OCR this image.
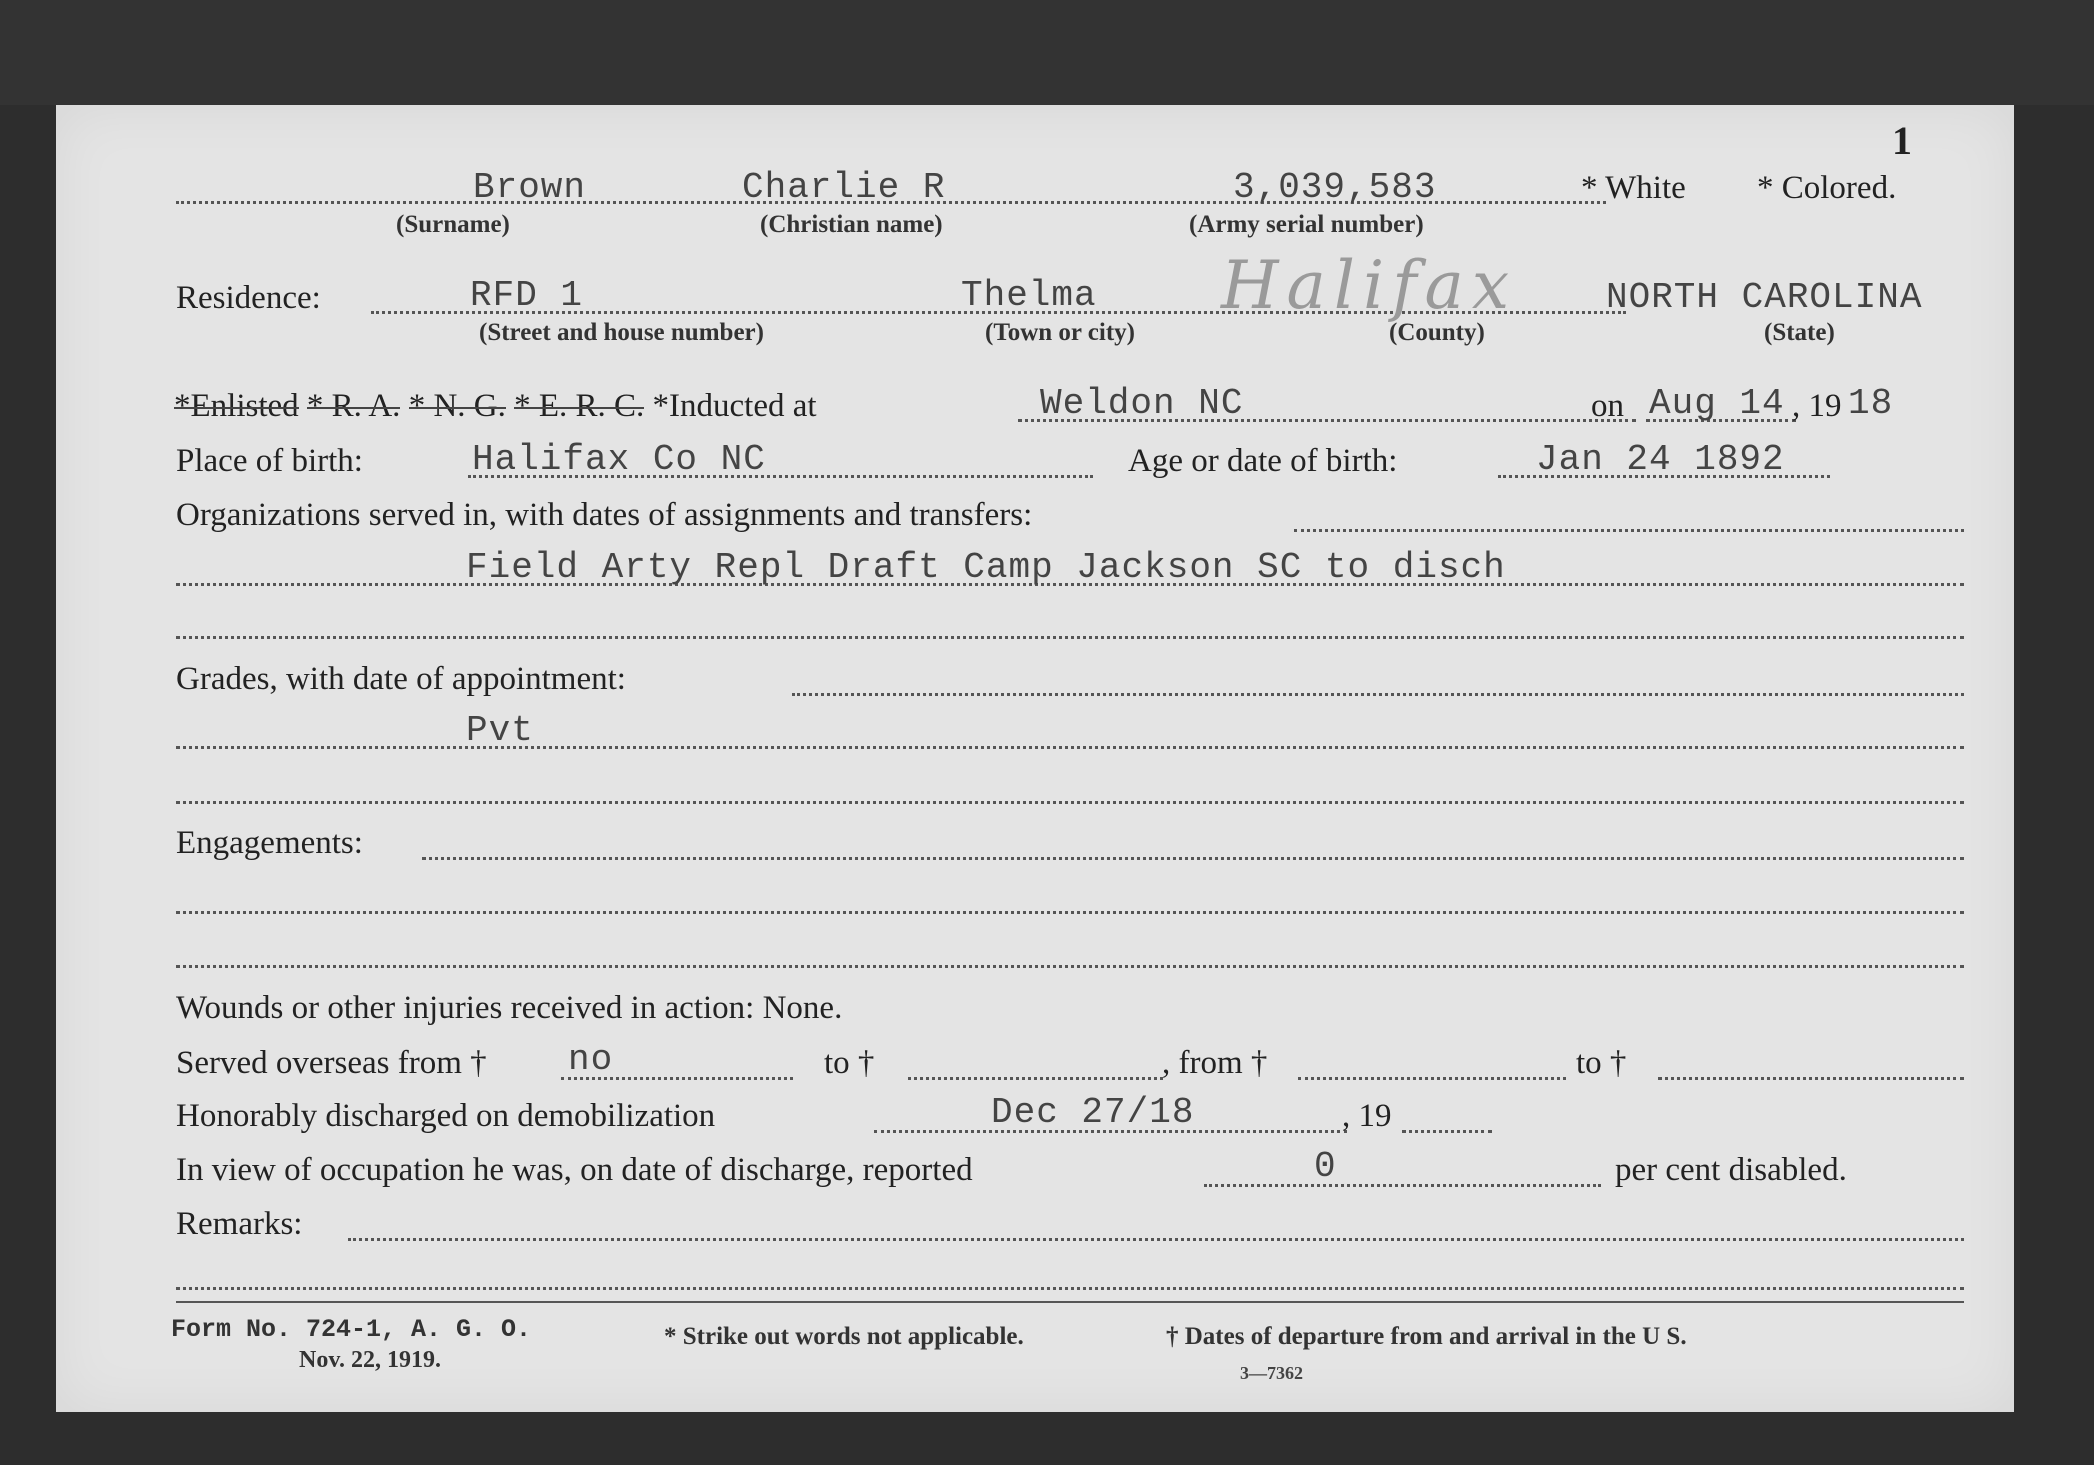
1
Brown	Charlie R	3,039,583	* White * Colored.
(Surname)	(Christian name)	(Army serial number)
Residence:	RFD 1	Thelma Halifax NORTH CAROLINA
(Street and house number)	(Town or city)	(County)	(State)
*Enlisted * R. A. * N. G. * E. R. C. *Inducted at	Weldon NC	on Aug 14 , 19 18
Place of birth:	Halifax Co NC	Age or date of birth:	Jan 24 1892
Organizations served in, with dates of assignments and transfers:
Field Arty Repl Draft Camp Jackson SC to disch
Grades, with date of appointment:
Pvt
Engagements:
Wounds or other injuries received in action: None.
Served overseas from † no	to †	, from †	to †
Honorably discharged on demobilization	Dec 27/18	, 19
In view of occupation he was, on date of discharge, reported	0	per cent disabled.
Remarks:
Form No. 724-1, A. G. O.
Nov. 22, 1919.
* Strike out words not applicable.	† Dates of departure from and arrival in the U S.
3—7362
